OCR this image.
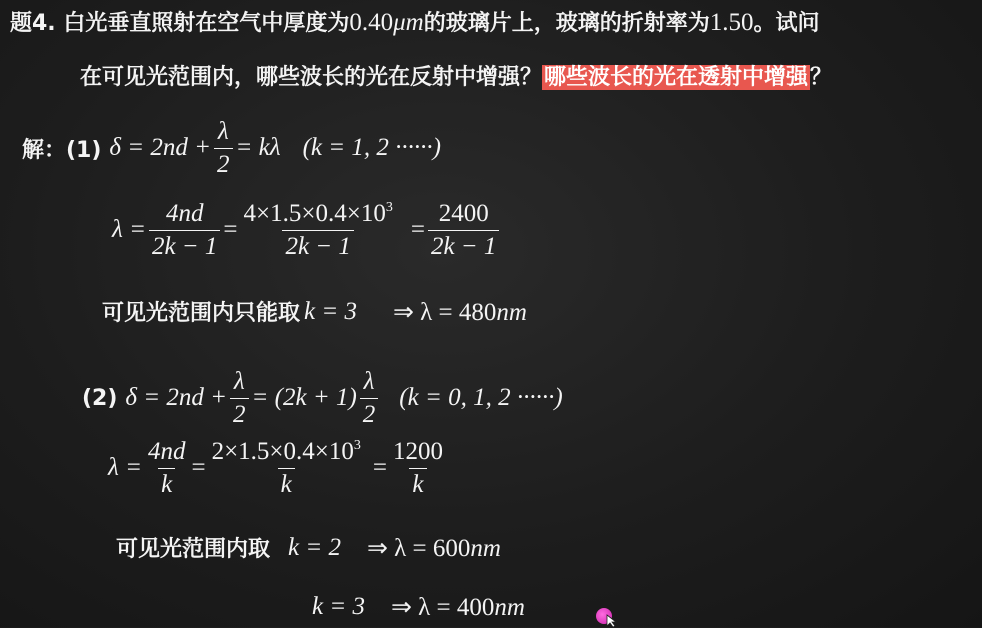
题4. 白光垂直照射在空气中厚度为0.40μm的玻璃片上，玻璃的折射率为1.50。试问
在可见光范围内，哪些波长的光在反射中增强？哪些波长的光在透射中增强？
解：(1) $\delta = 2nd + \frac{\lambda}{2} = k\lambda$ (k = 1, 2 ······)
$\lambda = \frac{4nd}{2k - 1} = \frac{4\times 1.5\times 0.4\times 10^3}{2k - 1} = \frac{2400}{2k - 1}$
可见光范围内只能取 k = 3 ⇒ λ = 480nm
(2) $\delta = 2nd + \frac{\lambda}{2} = (2k + 1) \frac{\lambda}{2} (k = 0$, 1, 2 ······)
$\lambda = \frac{4nd}{k} = \frac{2\times 1.5\times 0.4\times 10^3}{k} = \frac{1200}{k}$
可见光范围内取 k = 2 ⇒ λ = 600nm
k = 3 ⇒ λ = 400nm
